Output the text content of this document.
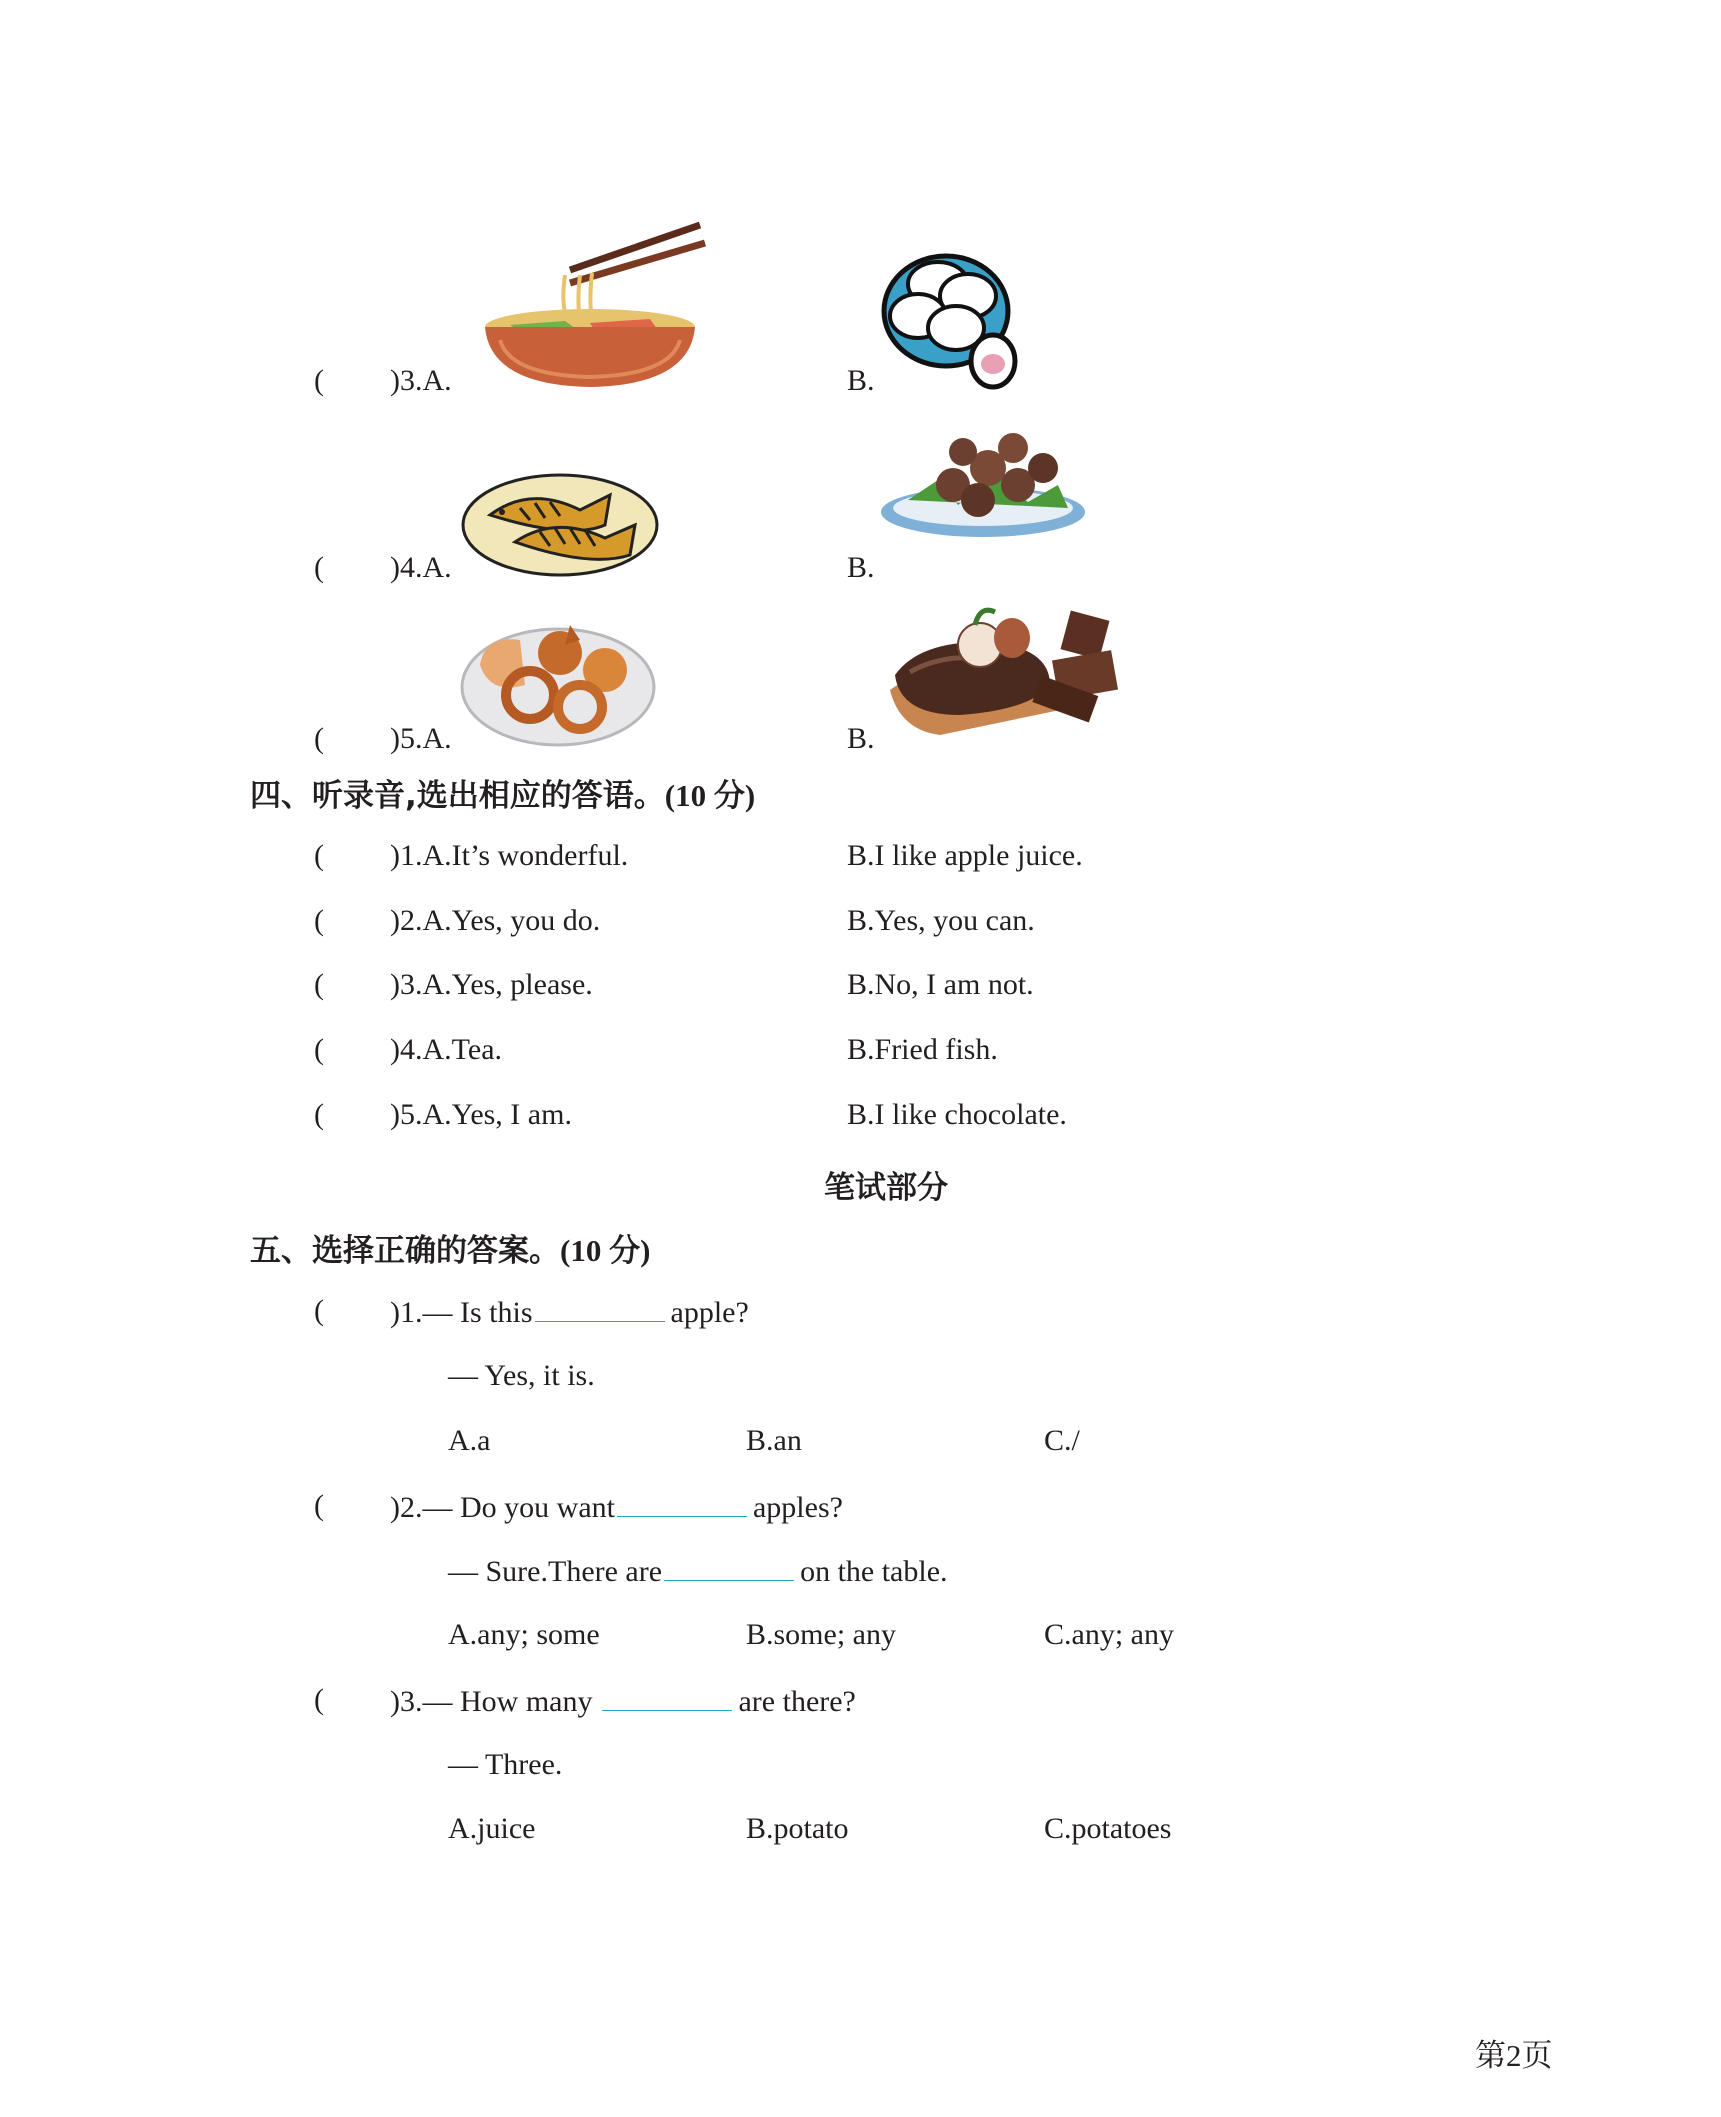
( )3.A.	B.
( )4.A.	B.
( )5.A.	B.
四、听录音,选出相应的答语。(10 分)
( )1.A.It’s wonderful.	B.I like apple juice.
( )2.A.Yes, you do.	B.Yes, you can.
( )3.A.Yes, please.	B.No, I am not.
( )4.A.Tea.	B.Fried fish.
( )5.A.Yes, I am.	B.I like chocolate.
笔试部分
五、选择正确的答案。(10 分)
( )1.— Is this	apple?
— Yes, it is.
A.a	B.an	C./
( )2.— Do you want	apples?
— Sure.There are	on the table.
A.any; some	B.some; any	C.any; any
( )3.— How many	are there?
— Three.
A.juice	B.potato	C.potatoes
第2页
